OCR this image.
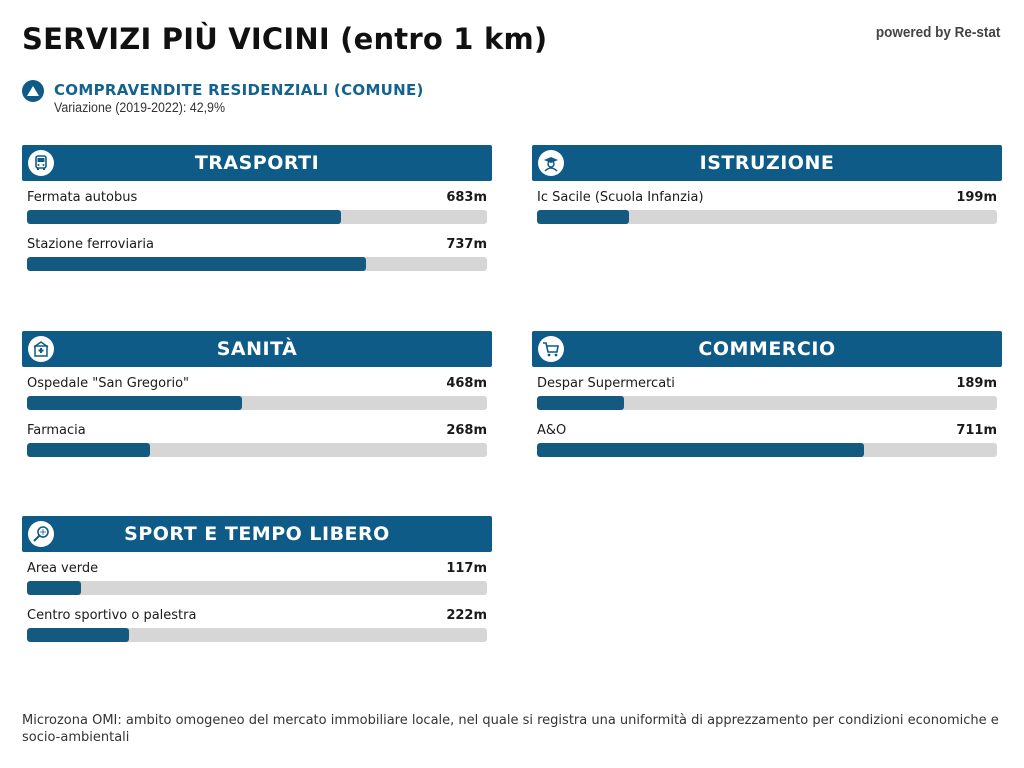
SERVIZI PIÙ VICINI (entro 1 km)	powered by Re-stat
COMPRAVENDITE RESIDENZIALI (COMUNE)
Variazione (2019-2022): 42,9%
TRASPORTI
Fermata autobus	683m
Stazione ferroviaria	737m
ISTRUZIONE
Ic Sacile (Scuola Infanzia)	199m
SANITÀ
Ospedale "San Gregorio"	468m
Farmacia	268m
COMMERCIO
Despar Supermercati	189m
A&O	711m
SPORT E TEMPO LIBERO
Area verde	117m
Centro sportivo o palestra	222m
Microzona OMI: ambito omogeneo del mercato immobiliare locale, nel quale si registra una uniformità di apprezzamento per condizioni economiche e socio-ambientali
